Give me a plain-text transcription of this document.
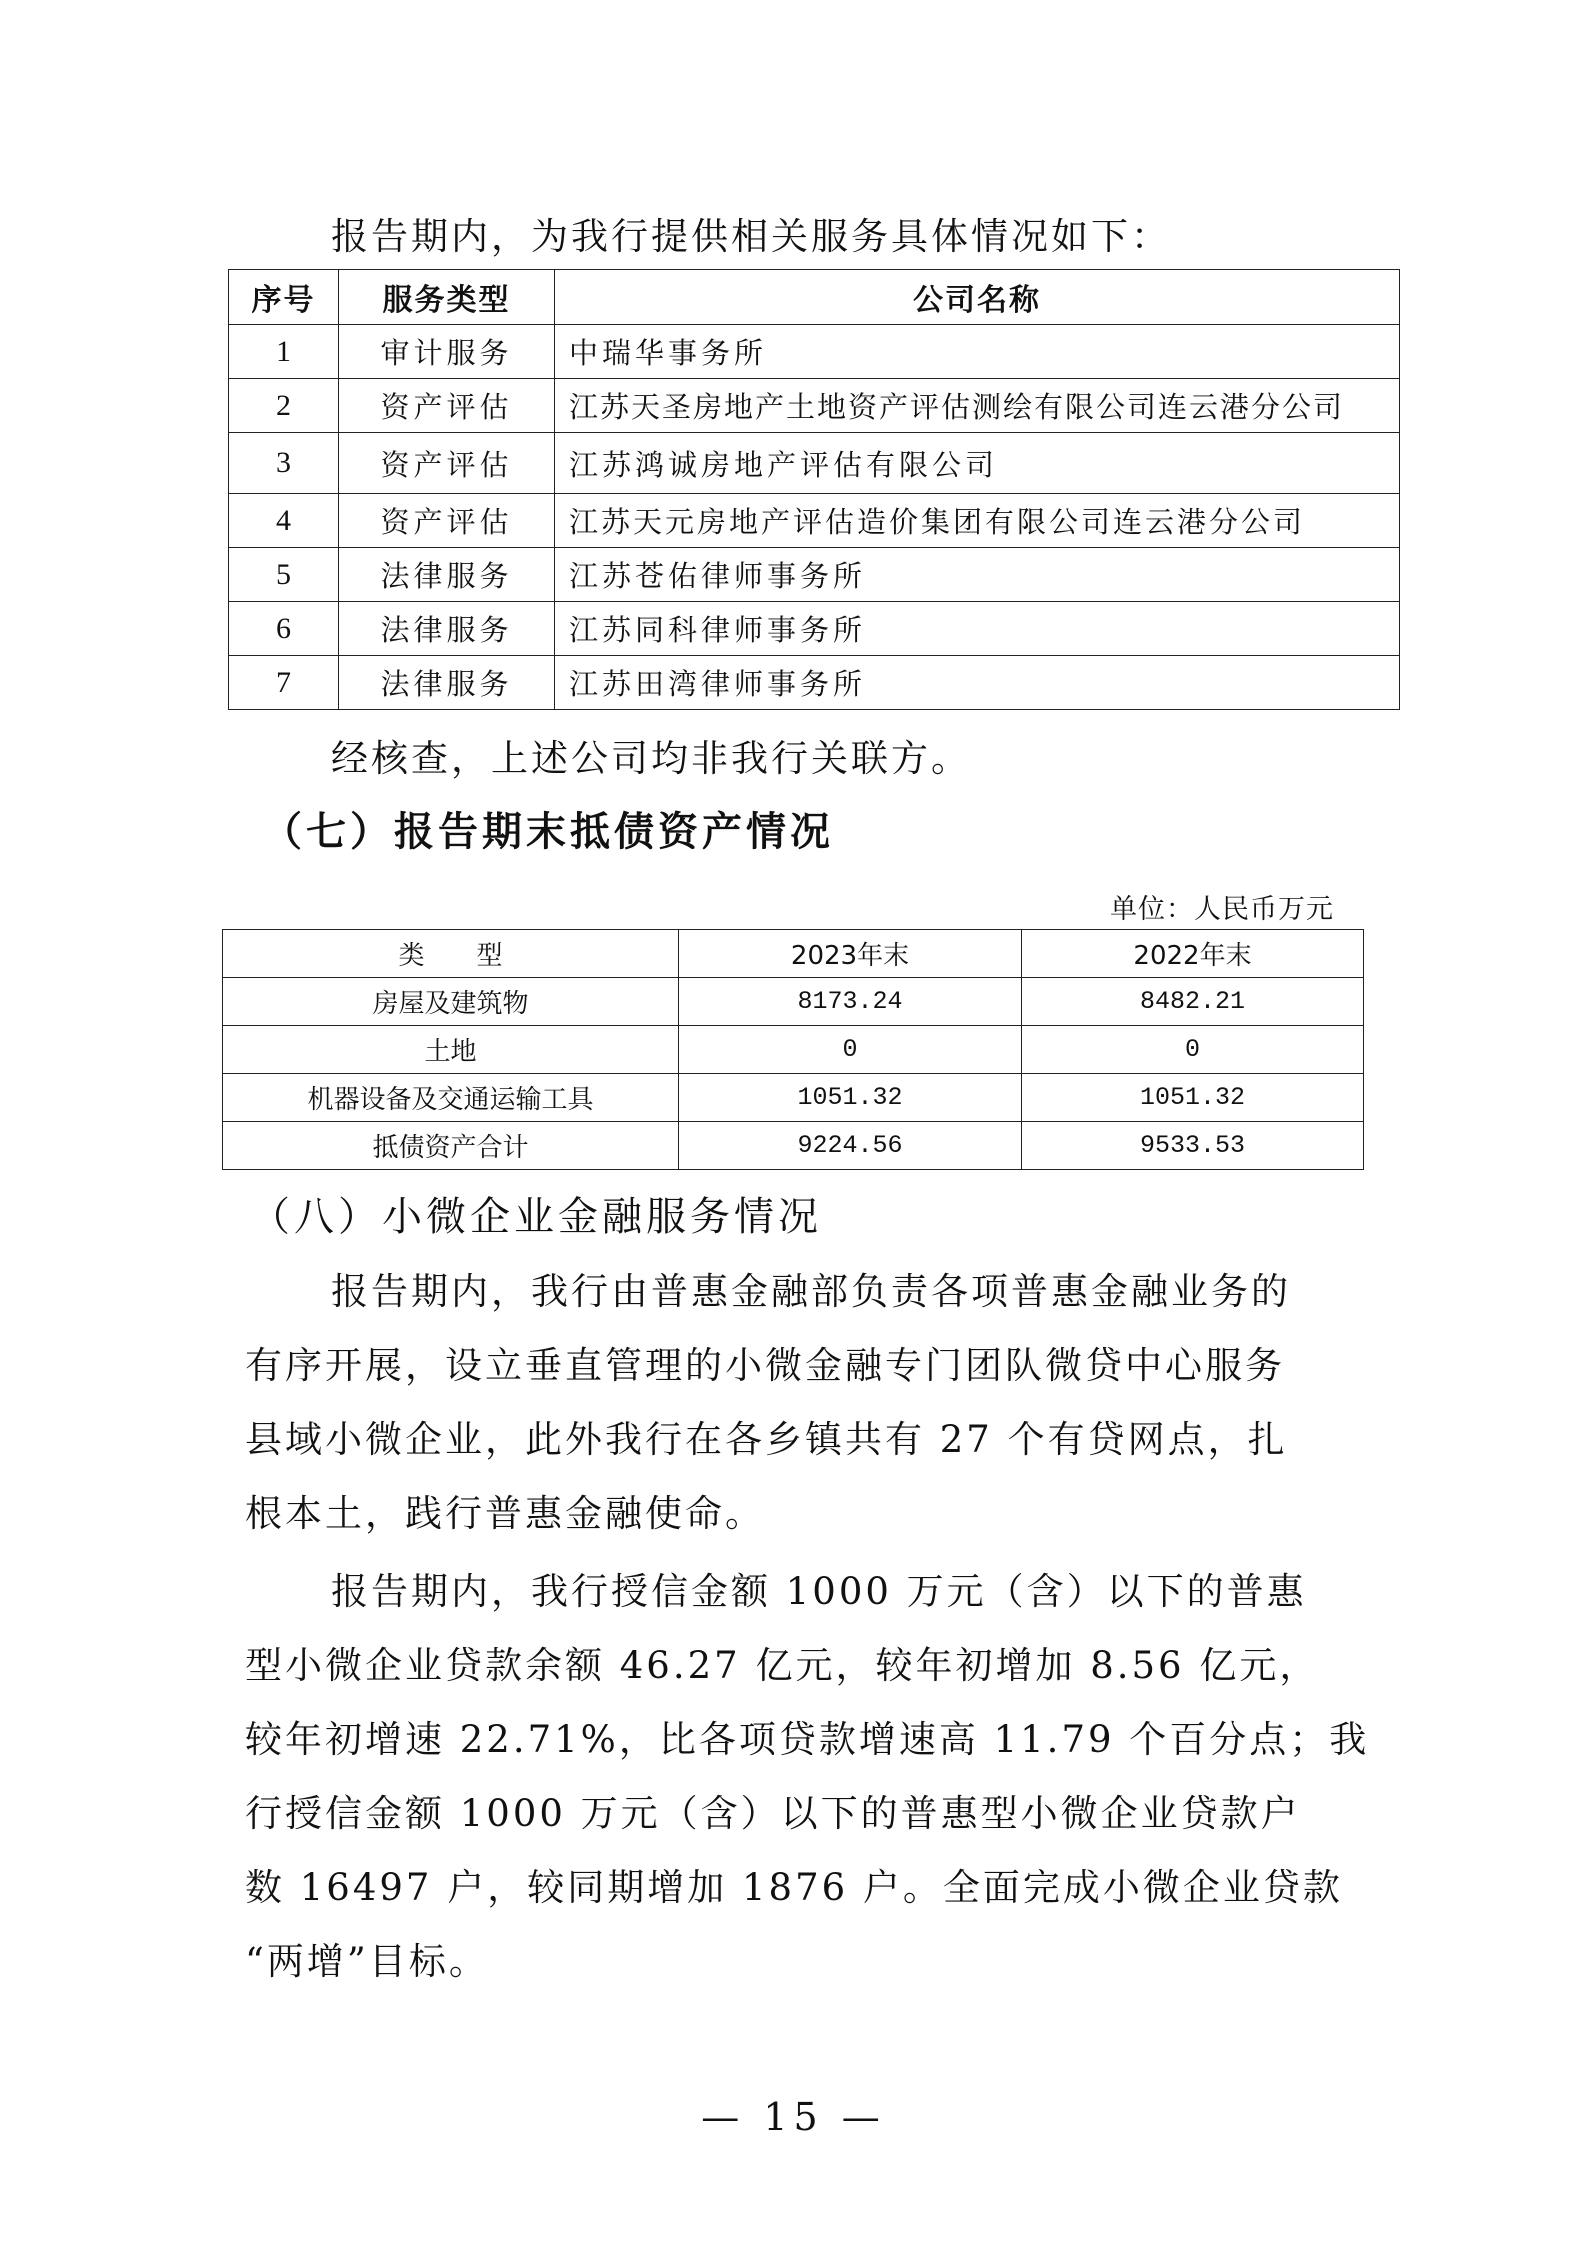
报告期内，为我行提供相关服务具体情况如下：
序号	服务类型	公司名称
1	审计服务	中瑞华事务所
2	资产评估	江苏天圣房地产土地资产评估测绘有限公司连云港分公司
3	资产评估	江苏鸿诚房地产评估有限公司
4	资产评估	江苏天元房地产评估造价集团有限公司连云港分公司
5	法律服务	江苏苍佑律师事务所
6	法律服务	江苏同科律师事务所
7	法律服务	江苏田湾律师事务所
经核查，上述公司均非我行关联方。
（七）报告期末抵债资产情况
单位：人民币万元
类　　型	2023年末	2022年末
房屋及建筑物	8173.24	8482.21
土地	0	0
机器设备及交通运输工具	1051.32	1051.32
抵债资产合计	9224.56	9533.53
（八）小微企业金融服务情况
报告期内，我行由普惠金融部负责各项普惠金融业务的
有序开展，设立垂直管理的小微金融专门团队微贷中心服务
县域小微企业，此外我行在各乡镇共有 27 个有贷网点，扎
根本土，践行普惠金融使命。
报告期内，我行授信金额 1000 万元（含）以下的普惠
型小微企业贷款余额 46.27 亿元，较年初增加 8.56 亿元，
较年初增速 22.71%，比各项贷款增速高 11.79 个百分点；我
行授信金额 1000 万元（含）以下的普惠型小微企业贷款户
数 16497 户，较同期增加 1876 户。全面完成小微企业贷款
“两增”目标。
— 15 —
